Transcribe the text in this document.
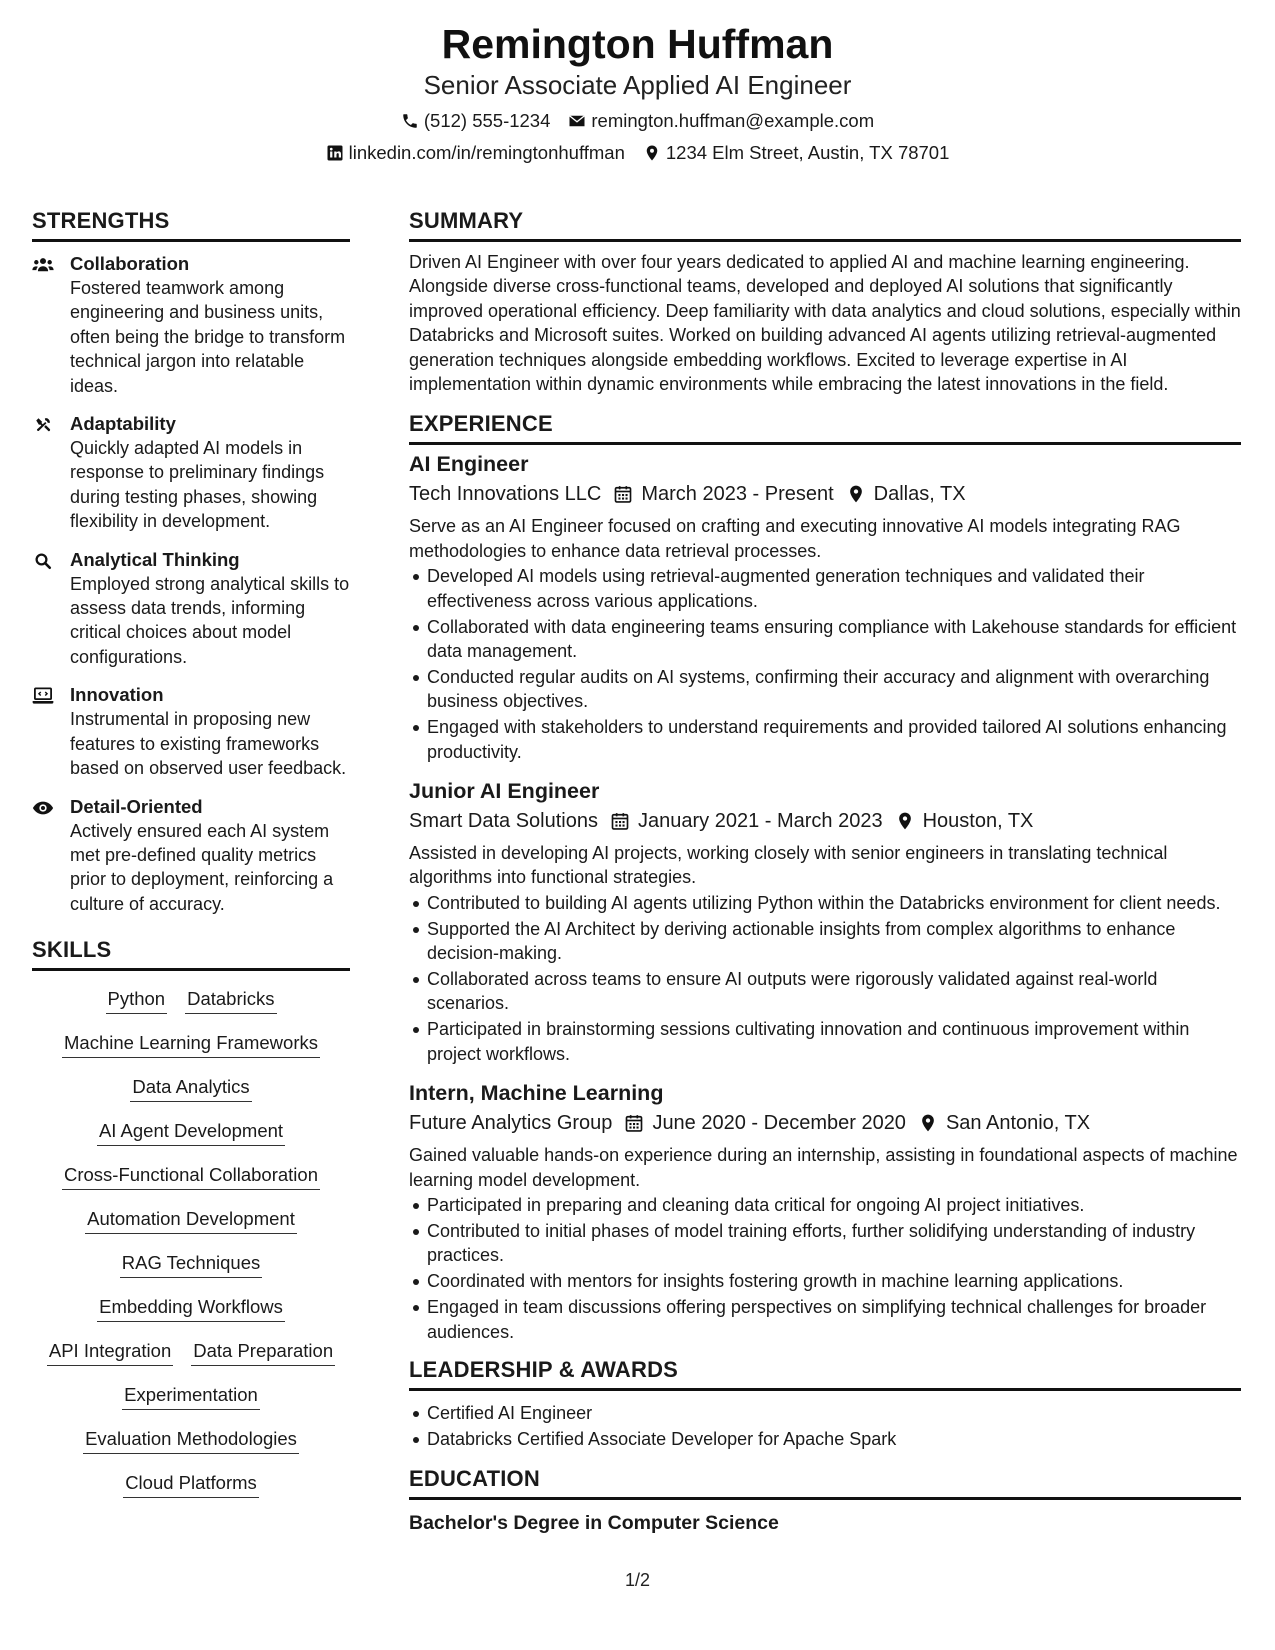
Remington Huffman
Senior Associate Applied AI Engineer
(512) 555-1234 remington.huffman@example.com
linkedin.com/in/remingtonhuffman 1234 Elm Street, Austin, TX 78701
STRENGTHS
Collaboration
Fostered teamwork among engineering and business units, often being the bridge to transform technical jargon into relatable ideas.
Adaptability
Quickly adapted AI models in response to preliminary findings during testing phases, showing flexibility in development.
Analytical Thinking
Employed strong analytical skills to assess data trends, informing critical choices about model configurations.
Innovation
Instrumental in proposing new features to existing frameworks based on observed user feedback.
Detail-Oriented
Actively ensured each AI system met pre-defined quality metrics prior to deployment, reinforcing a culture of accuracy.
SKILLS
Python Databricks
Machine Learning Frameworks
Data Analytics
AI Agent Development
Cross-Functional Collaboration
Automation Development
RAG Techniques
Embedding Workflows
API Integration Data Preparation
Experimentation
Evaluation Methodologies
Cloud Platforms
SUMMARY
Driven AI Engineer with over four years dedicated to applied AI and machine learning engineering. Alongside diverse cross-functional teams, developed and deployed AI solutions that significantly improved operational efficiency. Deep familiarity with data analytics and cloud solutions, especially within Databricks and Microsoft suites. Worked on building advanced AI agents utilizing retrieval-augmented generation techniques alongside embedding workflows. Excited to leverage expertise in AI implementation within dynamic environments while embracing the latest innovations in the field.
EXPERIENCE
AI Engineer
Tech Innovations LLC March 2023 - Present Dallas, TX
Serve as an AI Engineer focused on crafting and executing innovative AI models integrating RAG methodologies to enhance data retrieval processes.
Developed AI models using retrieval-augmented generation techniques and validated their effectiveness across various applications.
Collaborated with data engineering teams ensuring compliance with Lakehouse standards for efficient data management.
Conducted regular audits on AI systems, confirming their accuracy and alignment with overarching business objectives.
Engaged with stakeholders to understand requirements and provided tailored AI solutions enhancing productivity.
Junior AI Engineer
Smart Data Solutions January 2021 - March 2023 Houston, TX
Assisted in developing AI projects, working closely with senior engineers in translating technical algorithms into functional strategies.
Contributed to building AI agents utilizing Python within the Databricks environment for client needs.
Supported the AI Architect by deriving actionable insights from complex algorithms to enhance decision-making.
Collaborated across teams to ensure AI outputs were rigorously validated against real-world scenarios.
Participated in brainstorming sessions cultivating innovation and continuous improvement within project workflows.
Intern, Machine Learning
Future Analytics Group June 2020 - December 2020 San Antonio, TX
Gained valuable hands-on experience during an internship, assisting in foundational aspects of machine learning model development.
Participated in preparing and cleaning data critical for ongoing AI project initiatives.
Contributed to initial phases of model training efforts, further solidifying understanding of industry practices.
Coordinated with mentors for insights fostering growth in machine learning applications.
Engaged in team discussions offering perspectives on simplifying technical challenges for broader audiences.
LEADERSHIP & AWARDS
Certified AI Engineer
Databricks Certified Associate Developer for Apache Spark
EDUCATION
Bachelor's Degree in Computer Science
1/2
